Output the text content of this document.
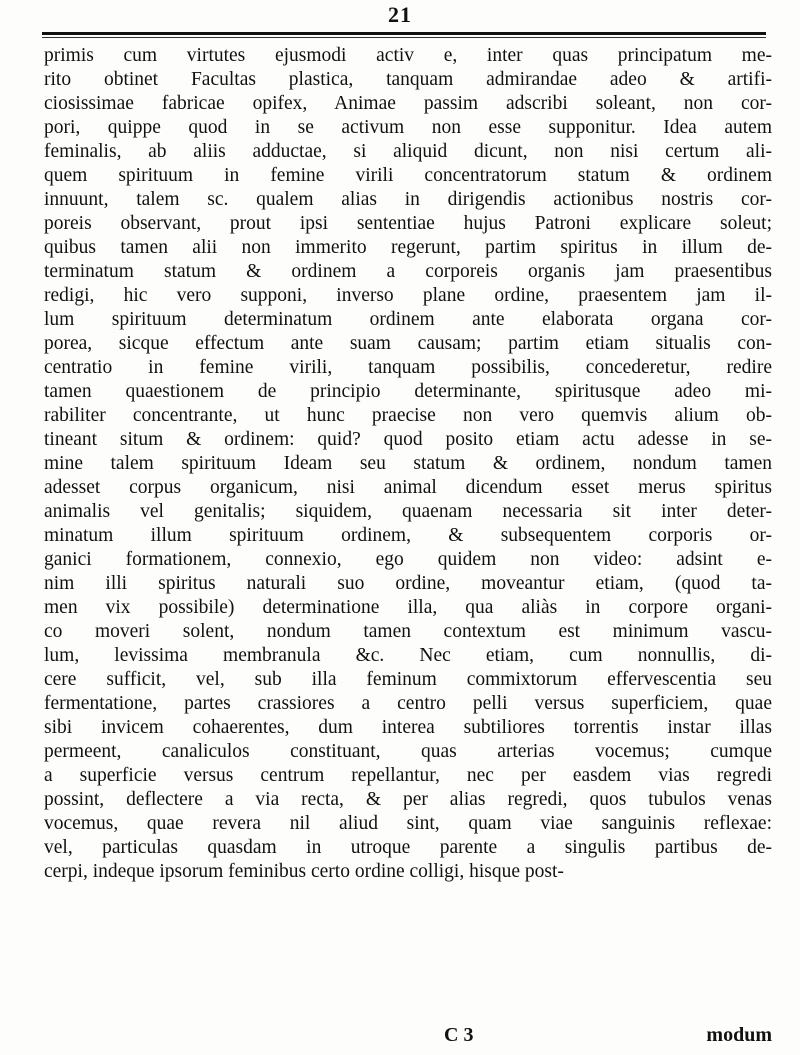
21
primis cum virtutes ejusmodi activ e, inter quas principatum me-
rito obtinet Facultas plastica, tanquam admirandae adeo & artifi-
ciosissimae fabricae opifex, Animae passim adscribi soleant, non cor-
pori, quippe quod in se activum non esse supponitur. Idea autem
feminalis, ab aliis adductae, si aliquid dicunt, non nisi certum ali-
quem spirituum in femine virili concentratorum statum & ordinem
innuunt, talem sc. qualem alias in dirigendis actionibus nostris cor-
poreis observant, prout ipsi sententiae hujus Patroni explicare soleut;
quibus tamen alii non immerito regerunt, partim spiritus in illum de-
terminatum statum & ordinem a corporeis organis jam praesentibus
redigi, hic vero supponi, inverso plane ordine, praesentem jam il-
lum spirituum determinatum ordinem ante elaborata organa cor-
porea, sicque effectum ante suam causam; partim etiam situalis con-
centratio in femine virili, tanquam possibilis, concederetur, redire
tamen quaestionem de principio determinante, spiritusque adeo mi-
rabiliter concentrante, ut hunc praecise non vero quemvis alium ob-
tineant situm & ordinem: quid? quod posito etiam actu adesse in se-
mine talem spirituum Ideam seu statum & ordinem, nondum tamen
adesset corpus organicum, nisi animal dicendum esset merus spiritus
animalis vel genitalis; siquidem, quaenam necessaria sit inter deter-
minatum illum spirituum ordinem, & subsequentem corporis or-
ganici formationem, connexio, ego quidem non video: adsint e-
nim illi spiritus naturali suo ordine, moveantur etiam, (quod ta-
men vix possibile) determinatione illa, qua aliàs in corpore organi-
co moveri solent, nondum tamen contextum est minimum vascu-
lum, levissima membranula &c. Nec etiam, cum nonnullis, di-
cere sufficit, vel, sub illa feminum commixtorum effervescentia seu
fermentatione, partes crassiores a centro pelli versus superficiem, quae
sibi invicem cohaerentes, dum interea subtiliores torrentis instar illas
permeent, canaliculos constituant, quas arterias vocemus; cumque
a superficie versus centrum repellantur, nec per easdem vias regredi
possint, deflectere a via recta, & per alias regredi, quos tubulos venas
vocemus, quae revera nil aliud sint, quam viae sanguinis reflexae:
vel, particulas quasdam in utroque parente a singulis partibus de-
cerpi, indeque ipsorum feminibus certo ordine colligi, hisque post-
C 3	modum
